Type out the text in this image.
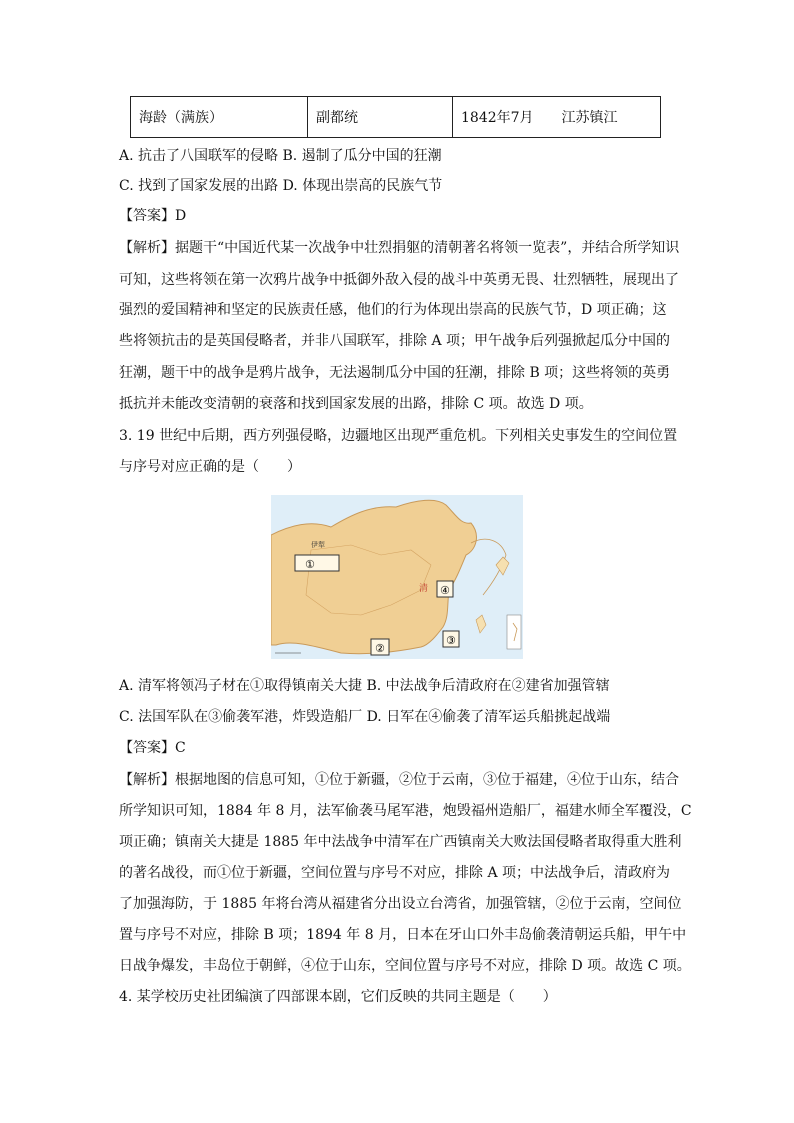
海龄（满族）	副都统	1842年7月　　江苏镇江
A. 抗击了八国联军的侵略 B. 遏制了瓜分中国的狂潮
C. 找到了国家发展的出路 D. 体现出崇高的民族气节
【答案】D
【解析】据题干“中国近代某一次战争中壮烈捐躯的清朝著名将领一览表”，并结合所学知识
可知，这些将领在第一次鸦片战争中抵御外敌入侵的战斗中英勇无畏、壮烈牺牲，展现出了
强烈的爱国精神和坚定的民族责任感，他们的行为体现出崇高的民族气节，D 项正确；这
些将领抗击的是英国侵略者，并非八国联军，排除 A 项；甲午战争后列强掀起瓜分中国的
狂潮，题干中的战争是鸦片战争，无法遏制瓜分中国的狂潮，排除 B 项；这些将领的英勇
抵抗并未能改变清朝的衰落和找到国家发展的出路，排除 C 项。故选 D 项。
3. 19 世纪中后期，西方列强侵略，边疆地区出现严重危机。下列相关史事发生的空间位置
与序号对应正确的是（　　）
①
伊犁
④
③
②
清
A. 清军将领冯子材在①取得镇南关大捷 B. 中法战争后清政府在②建省加强管辖
C. 法国军队在③偷袭军港，炸毁造船厂 D. 日军在④偷袭了清军运兵船挑起战端
【答案】C
【解析】根据地图的信息可知，①位于新疆，②位于云南，③位于福建，④位于山东，结合
所学知识可知，1884 年 8 月，法军偷袭马尾军港，炮毁福州造船厂，福建水师全军覆没，C
项正确；镇南关大捷是 1885 年中法战争中清军在广西镇南关大败法国侵略者取得重大胜利
的著名战役，而①位于新疆，空间位置与序号不对应，排除 A 项；中法战争后，清政府为
了加强海防，于 1885 年将台湾从福建省分出设立台湾省，加强管辖，②位于云南，空间位
置与序号不对应，排除 B 项；1894 年 8 月，日本在牙山口外丰岛偷袭清朝运兵船，甲午中
日战争爆发，丰岛位于朝鲜，④位于山东，空间位置与序号不对应，排除 D 项。故选 C 项。
4. 某学校历史社团编演了四部课本剧，它们反映的共同主题是（　　）
